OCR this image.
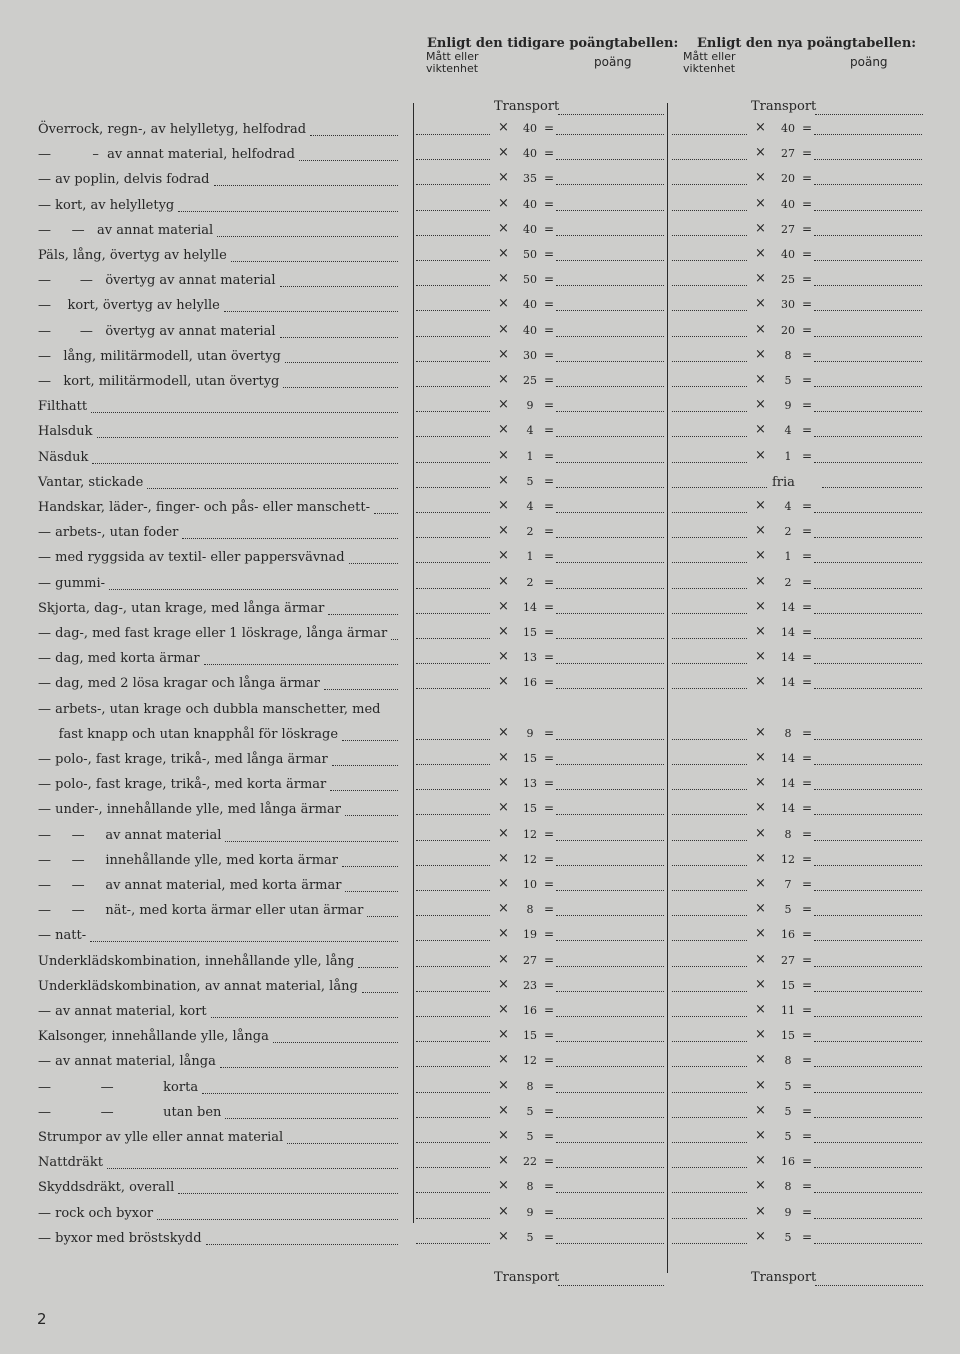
Enligt den tidigare poängtabellen: Enligt den nya poängtabellen:
Mått eller viktenhet	poäng	Mått eller viktenhet	poäng
Transport	Transport
Överrock, regn-, av helylletyg, helfodrad	×	40 =	×	40 =
—          –  av annat material, helfodrad	×	40 =	×	27 =
— av poplin, delvis fodrad	×	35 =	×	20 =
— kort, av helylletyg	×	40 =	×	40 =
—     —   av annat material	×	40 =	×	27 =
Päls, lång, övertyg av helylle	×	50 =	×	40 =
—       —   övertyg av annat material	×	50 =	×	25 =
—    kort, övertyg av helylle	×	40 =	×	30 =
—       —   övertyg av annat material	×	40 =	×	20 =
—   lång, militärmodell, utan övertyg	×	30 =	×	8 =
—   kort, militärmodell, utan övertyg	×	25 =	×	5 =
Filthatt	×	9 =	×	9 =
Halsduk	×	4 =	×	4 =
Näsduk	×	1 =	×	1 =
Vantar, stickade	×	5 =	fria
Handskar, läder-, finger- och pås- eller manschett-	×	4 =	×	4 =
— arbets-, utan foder	×	2 =	×	2 =
— med ryggsida av textil- eller pappersvävnad	×	1 =	×	1 =
— gummi-	×	2 =	×	2 =
Skjorta, dag-, utan krage, med långa ärmar	×	14 =	×	14 =
— dag-, med fast krage eller 1 löskrage, långa ärmar	×	15 =	×	14 =
— dag, med korta ärmar	×	13 =	×	14 =
— dag, med 2 lösa kragar och långa ärmar	×	16 =	×	14 =
— arbets-, utan krage och dubbla manschetter, med
fast knapp och utan knapphål för löskrage	×	9 =	×	8 =
— polo-, fast krage, trikå-, med långa ärmar	×	15 =	×	14 =
— polo-, fast krage, trikå-, med korta ärmar	×	13 =	×	14 =
— under-, innehållande ylle, med långa ärmar	×	15 =	×	14 =
—     —     av annat material	×	12 =	×	8 =
—     —     innehållande ylle, med korta ärmar	×	12 =	×	12 =
—     —     av annat material, med korta ärmar	×	10 =	×	7 =
—     —     nät-, med korta ärmar eller utan ärmar	×	8 =	×	5 =
— natt-	×	19 =	×	16 =
Underklädskombination, innehållande ylle, lång	×	27 =	×	27 =
Underklädskombination, av annat material, lång	×	23 =	×	15 =
— av annat material, kort	×	16 =	×	11 =
Kalsonger, innehållande ylle, långa	×	15 =	×	15 =
— av annat material, långa	×	12 =	×	8 =
—            —            korta	×	8 =	×	5 =
—            —            utan ben	×	5 =	×	5 =
Strumpor av ylle eller annat material	×	5 =	×	5 =
Nattdräkt	×	22 =	×	16 =
Skyddsdräkt, overall	×	8 =	×	8 =
— rock och byxor	×	9 =	×	9 =
— byxor med bröstskydd	×	5 =	×	5 =
Transport	Transport
2
